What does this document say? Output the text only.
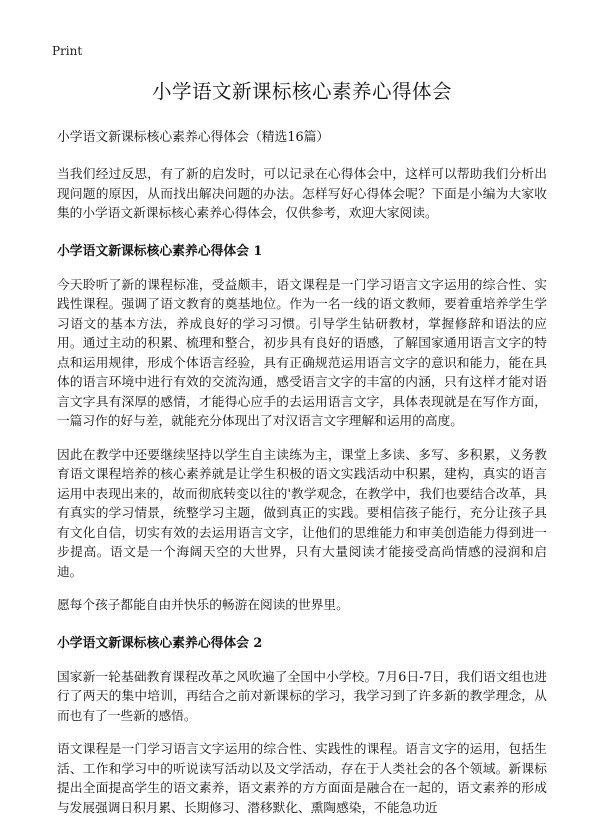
Print
小学语文新课标核心素养心得体会
小学语文新课标核心素养心得体会（精选16篇）

当我们经过反思，有了新的启发时，可以记录在心得体会中，这样可以帮助我们分析出现问题的原因，从而找出解决问题的办法。怎样写好心得体会呢？下面是小编为大家收集的小学语文新课标核心素养心得体会，仅供参考，欢迎大家阅读。

小学语文新课标核心素养心得体会 1

今天聆听了新的课程标准，受益颇丰，语文课程是一门学习语言文字运用的综合性、实践性课程。强调了语文教育的奠基地位。作为一名一线的语文教师，要着重培养学生学习语文的基本方法，养成良好的学习习惯。引导学生钻研教材，掌握修辞和语法的应用。通过主动的积累、梳理和整合，初步具有良好的语感，了解国家通用语言文字的特点和运用规律，形成个体语言经验，具有正确规范运用语言文字的意识和能力，能在具体的语言环境中进行有效的交流沟通，感受语言文字的丰富的内涵，只有这样才能对语言文字具有深厚的感情，才能得心应手的去运用语言文字，具体表现就是在写作方面，一篇习作的好与差，就能充分体现出了对汉语言文字理解和运用的高度。

因此在教学中还要继续坚持以学生自主读练为主，课堂上多读、多写、多积累，义务教育语文课程培养的核心素养就是让学生积极的语文实践活动中积累，建构，真实的语言运用中表现出来的，故而彻底转变以往的'教学观念，在教学中，我们也要结合改革，具有真实的学习情景，统整学习主题，做到真正的实践。要相信孩子能行，充分让孩子具有文化自信，切实有效的去运用语言文字，让他们的思维能力和审美创造能力得到进一步提高。语文是一个海阔天空的大世界，只有大量阅读才能接受高尚情感的浸润和启迪。

愿每个孩子都能自由并快乐的畅游在阅读的世界里。

小学语文新课标核心素养心得体会 2

国家新一轮基础教育课程改革之风吹遍了全国中小学校。7月6日-7日，我们语文组也进行了两天的集中培训，再结合之前对新课标的学习，我学习到了许多新的教学理念，从而也有了一些新的感悟。

语文课程是一门学习语言文字运用的综合性、实践性的课程。语言文字的运用，包括生活、工作和学习中的听说读写活动以及文学活动，存在于人类社会的各个领域。新课标提出全面提高学生的语文素养，语文素养的方方面面是融合在一起的，语文素养的形成与发展强调日积月累、长期修习、潜移默化、熏陶感染，不能急功近
